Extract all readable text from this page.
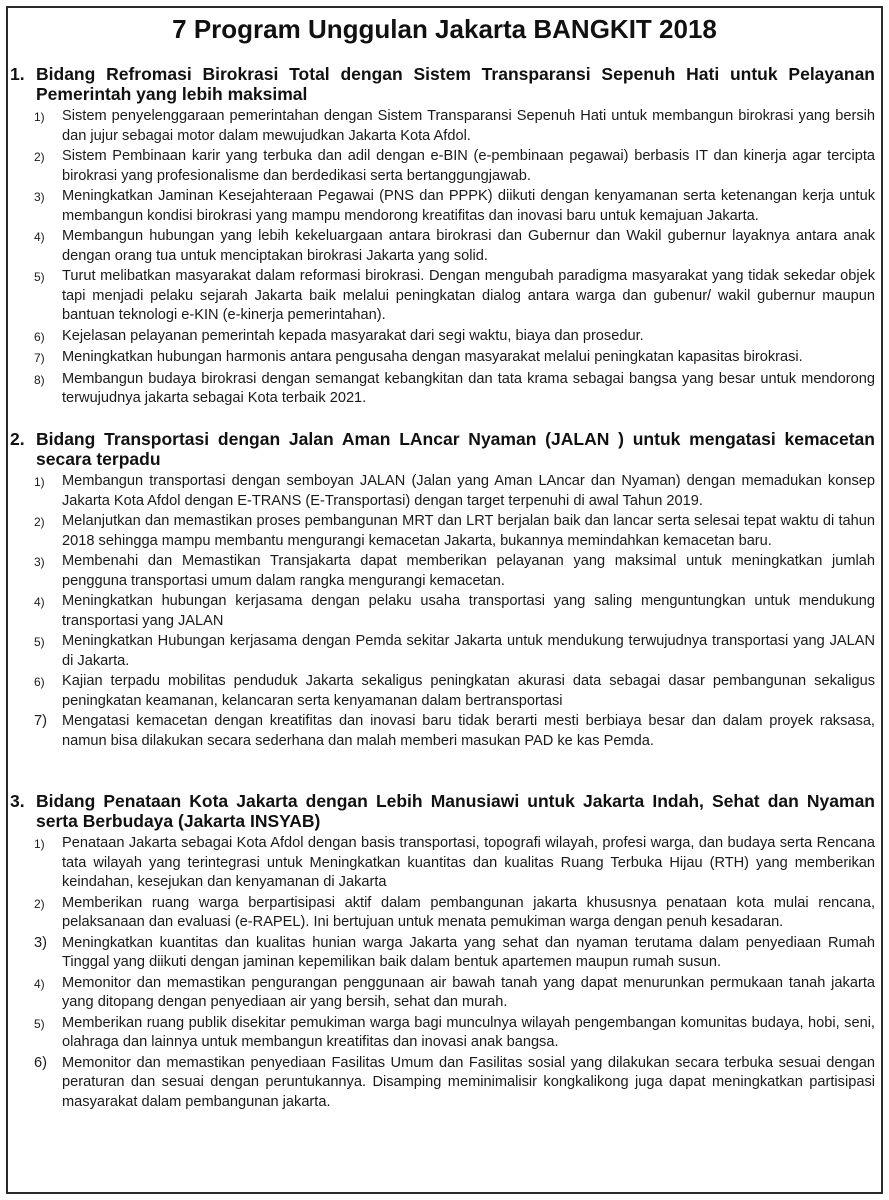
7 Program Unggulan Jakarta BANGKIT 2018
1. Bidang Refromasi Birokrasi Total dengan Sistem Transparansi Sepenuh Hati untuk Pelayanan Pemerintah yang lebih maksimal
1)	Sistem penyelenggaraan pemerintahan dengan Sistem Transparansi Sepenuh Hati untuk membangun birokrasi yang bersih dan jujur sebagai motor dalam mewujudkan Jakarta Kota Afdol.
2)	Sistem Pembinaan karir yang terbuka dan adil dengan e-BIN (e-pembinaan pegawai) berbasis IT dan kinerja agar tercipta birokrasi yang profesionalisme dan berdedikasi serta bertanggungjawab.
3)	Meningkatkan Jaminan Kesejahteraan Pegawai (PNS dan PPPK) diikuti dengan kenyamanan serta ketenangan kerja untuk membangun kondisi birokrasi yang mampu mendorong kreatifitas dan inovasi baru untuk kemajuan Jakarta.
4)	Membangun hubungan yang lebih kekeluargaan antara birokrasi dan Gubernur dan Wakil gubernur layaknya antara anak dengan orang tua untuk menciptakan birokrasi Jakarta yang solid.
5)	Turut melibatkan masyarakat dalam reformasi birokrasi. Dengan mengubah paradigma masyarakat yang tidak sekedar objek tapi menjadi pelaku sejarah Jakarta baik melalui peningkatan dialog antara warga dan gubenur/ wakil gubernur maupun bantuan teknologi e-KIN (e-kinerja pemerintahan).
6)	Kejelasan pelayanan pemerintah kepada masyarakat dari segi waktu, biaya dan prosedur.
7)	Meningkatkan hubungan harmonis antara pengusaha dengan masyarakat melalui peningkatan kapasitas birokrasi.
8)	Membangun budaya birokrasi dengan semangat kebangkitan dan tata krama sebagai bangsa yang besar untuk mendorong terwujudnya jakarta sebagai Kota terbaik 2021.
2. Bidang Transportasi dengan Jalan Aman LAncar Nyaman (JALAN ) untuk mengatasi kemacetan secara terpadu
1)	Membangun transportasi dengan semboyan JALAN (Jalan yang Aman LAncar dan Nyaman) dengan memadukan konsep Jakarta Kota Afdol dengan E-TRANS (E-Transportasi) dengan target terpenuhi di awal Tahun 2019.
2)	Melanjutkan dan memastikan proses pembangunan MRT dan LRT berjalan baik dan lancar serta selesai tepat waktu di tahun 2018 sehingga mampu membantu mengurangi kemacetan Jakarta, bukannya memindahkan kemacetan baru.
3)	Membenahi dan Memastikan Transjakarta dapat memberikan pelayanan yang maksimal untuk meningkatkan jumlah pengguna transportasi umum dalam rangka mengurangi kemacetan.
4)	Meningkatkan hubungan kerjasama dengan pelaku usaha transportasi yang saling menguntungkan untuk mendukung transportasi yang JALAN
5)	Meningkatkan Hubungan kerjasama dengan Pemda sekitar Jakarta untuk mendukung terwujudnya transportasi yang JALAN di Jakarta.
6)	Kajian terpadu mobilitas penduduk Jakarta sekaligus peningkatan akurasi data sebagai dasar pembangunan sekaligus peningkatan keamanan, kelancaran serta kenyamanan dalam bertransportasi
7)	Mengatasi kemacetan dengan kreatifitas dan inovasi baru tidak berarti mesti berbiaya besar dan dalam proyek raksasa, namun bisa dilakukan secara sederhana dan malah memberi masukan PAD ke kas Pemda.
3. Bidang Penataan Kota Jakarta dengan Lebih Manusiawi untuk Jakarta Indah, Sehat dan Nyaman serta Berbudaya (Jakarta INSYAB)
1)	Penataan Jakarta sebagai Kota Afdol dengan basis transportasi, topografi wilayah, profesi warga, dan budaya serta Rencana tata wilayah yang terintegrasi untuk Meningkatkan kuantitas dan kualitas Ruang Terbuka Hijau (RTH) yang memberikan keindahan, kesejukan dan kenyamanan di Jakarta
2)	Memberikan ruang warga berpartisipasi aktif dalam pembangunan jakarta khususnya penataan kota mulai rencana, pelaksanaan dan evaluasi (e-RAPEL). Ini bertujuan untuk menata pemukiman warga dengan penuh kesadaran.
3)	Meningkatkan kuantitas dan kualitas hunian warga Jakarta yang sehat dan nyaman terutama dalam penyediaan Rumah Tinggal yang diikuti dengan jaminan kepemilikan baik dalam bentuk apartemen maupun rumah susun.
4)	Memonitor dan memastikan pengurangan penggunaan air bawah tanah yang dapat menurunkan permukaan tanah jakarta yang ditopang dengan penyediaan air yang bersih, sehat dan murah.
5)	Memberikan ruang publik disekitar pemukiman warga bagi munculnya wilayah pengembangan komunitas budaya, hobi, seni, olahraga dan lainnya untuk membangun kreatifitas dan inovasi anak bangsa.
6)	Memonitor dan memastikan penyediaan Fasilitas Umum dan Fasilitas sosial yang dilakukan secara terbuka sesuai dengan peraturan dan sesuai dengan peruntukannya. Disamping meminimalisir kongkalikong juga dapat meningkatkan partisipasi masyarakat dalam pembangunan jakarta.
